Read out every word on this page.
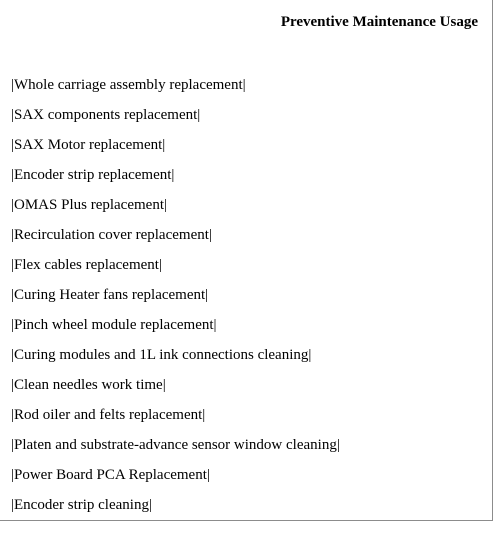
Preventive Maintenance Usage
|Whole carriage assembly replacement|
|SAX components replacement|
|SAX Motor replacement|
|Encoder strip replacement|
|OMAS Plus replacement|
|Recirculation cover replacement|
|Flex cables replacement|
|Curing Heater fans replacement|
|Pinch wheel module replacement|
|Curing modules and 1L ink connections cleaning|
|Clean needles work time|
|Rod oiler and felts replacement|
|Platen and substrate-advance sensor window cleaning|
|Power Board PCA Replacement|
|Encoder strip cleaning|
